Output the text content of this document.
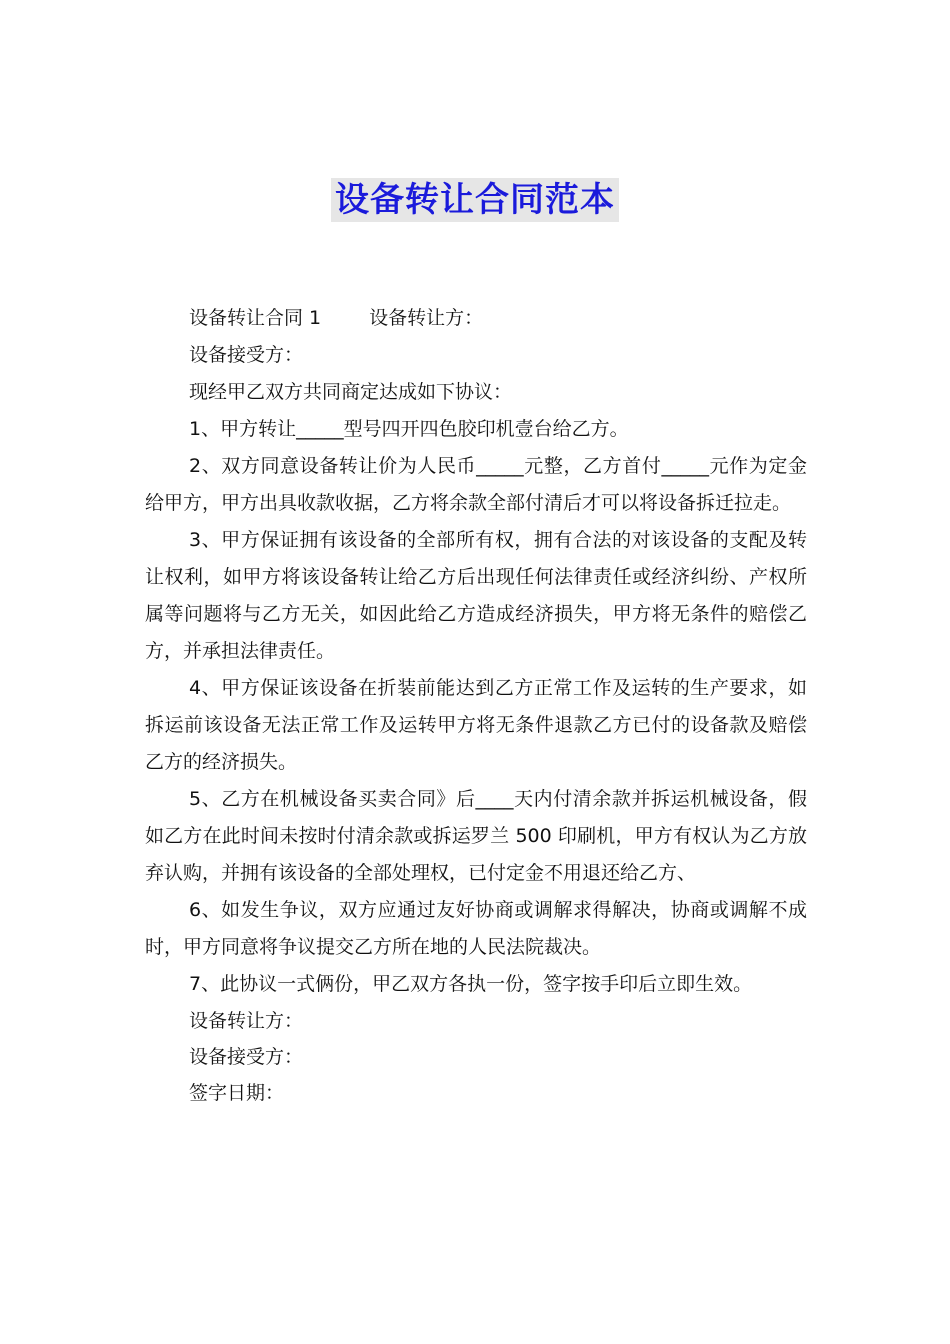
设备转让合同范本

设备转让合同 1	设备转让方：

设备接受方：

现经甲乙双方共同商定达成如下协议：

1、甲方转让_____型号四开四色胶印机壹台给乙方。

2、双方同意设备转让价为人民币_____元整，乙方首付_____元作为定金给甲方，甲方出具收款收据，乙方将余款全部付清后才可以将设备拆迁拉走。

3、甲方保证拥有该设备的全部所有权，拥有合法的对该设备的支配及转让权利，如甲方将该设备转让给乙方后出现任何法律责任或经济纠纷、产权所属等问题将与乙方无关，如因此给乙方造成经济损失，甲方将无条件的赔偿乙方，并承担法律责任。

4、甲方保证该设备在折装前能达到乙方正常工作及运转的生产要求，如拆运前该设备无法正常工作及运转甲方将无条件退款乙方已付的设备款及赔偿乙方的经济损失。

5、乙方在机械设备买卖合同》后____天内付清余款并拆运机械设备，假如乙方在此时间未按时付清余款或拆运罗兰 500 印刷机，甲方有权认为乙方放弃认购，并拥有该设备的全部处理权，已付定金不用退还给乙方、

6、如发生争议，双方应通过友好协商或调解求得解决，协商或调解不成时，甲方同意将争议提交乙方所在地的人民法院裁决。

7、此协议一式俩份，甲乙双方各执一份，签字按手印后立即生效。

设备转让方：

设备接受方：

签字日期：
